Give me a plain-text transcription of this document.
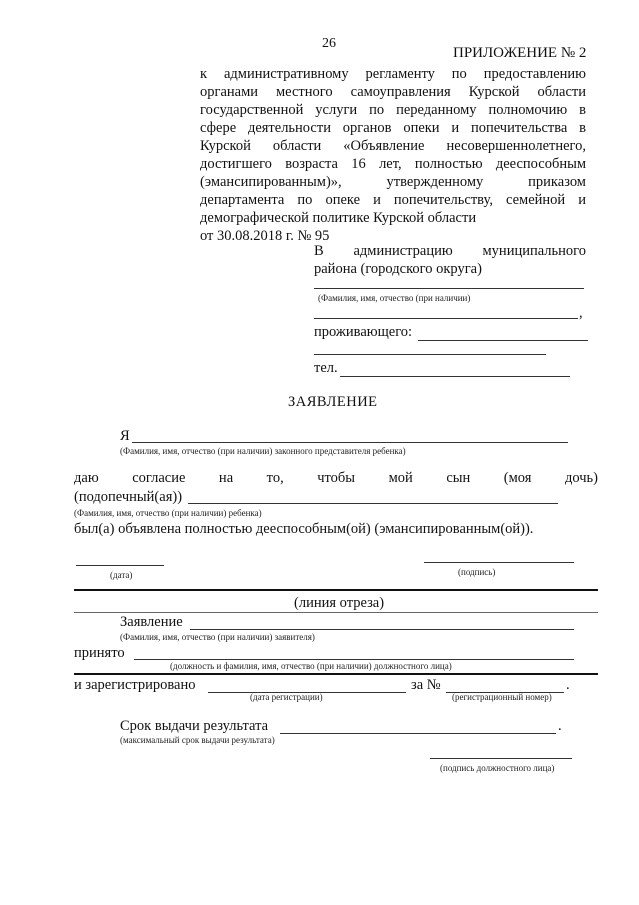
26
ПРИЛОЖЕНИЕ № 2
к административному регламенту по предоставлению
органами местного самоуправления Курской области
государственной услуги по переданному полномочию в
сфере деятельности органов опеки и попечительства в
Курской области «Объявление несовершеннолетнего,
достигшего возраста 16 лет, полностью дееспособным
(эмансипированным)», утвержденному приказом
департамента по опеке и попечительству, семейной и
демографической политике Курской области
от 30.08.2018 г. № 95
В администрацию муниципального
района (городского округа)
(Фамилия, имя, отчество (при наличии)
,
проживающего:
тел.
ЗАЯВЛЕНИЕ
Я
(Фамилия, имя, отчество (при наличии) законного представителя ребенка)
даю согласие на то, чтобы мой сын (моя дочь)
(подопечный(ая))
(Фамилия, имя, отчество (при наличии) ребенка)
был(а) объявлена полностью дееспособным(ой) (эмансипированным(ой)).
(дата)	(подпись)
(линия отреза)
Заявление
(Фамилия, имя, отчество (при наличии) заявителя)
принято
(должность и фамилия, имя, отчество (при наличии) должностного лица)
и зарегистрировано
(дата регистрации)
за №	.
(регистрационный номер)
Срок выдачи результата	.
(максимальный срок выдачи результата)
(подпись должностного лица)
